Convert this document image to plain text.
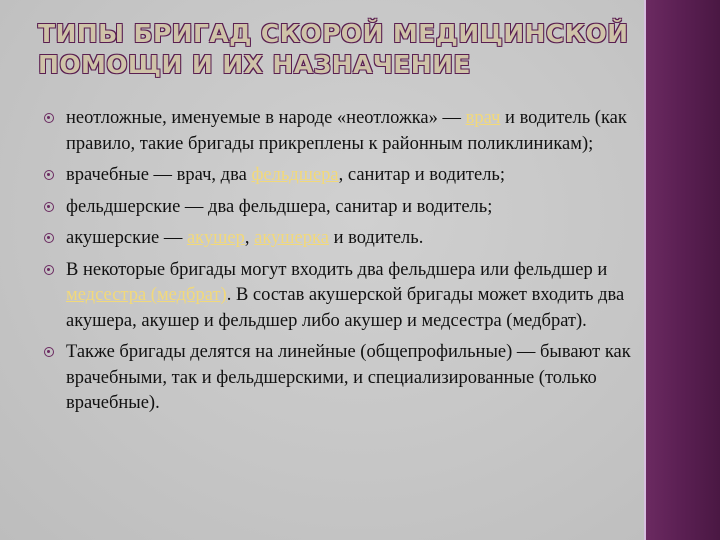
ТИПЫ БРИГАД СКОРОЙ МЕДИЦИНСКОЙ
ПОМОЩИ И ИХ НАЗНАЧЕНИЕ
неотложные, именуемые в народе «неотложка» — врач и водитель (как правило, такие бригады прикреплены к районным поликлиникам);
врачебные — врач, два фельдшера, санитар и водитель;
фельдшерские — два фельдшера, санитар и водитель;
акушерские — акушер, акушерка и водитель.
В некоторые бригады могут входить два фельдшера или фельдшер и медсестра (медбрат). В состав акушерской бригады может входить два акушера, акушер и фельдшер либо акушер и медсестра (медбрат).
Также бригады делятся на линейные (общепрофильные) — бывают как врачебными, так и фельдшерскими, и специализированные (только врачебные).
